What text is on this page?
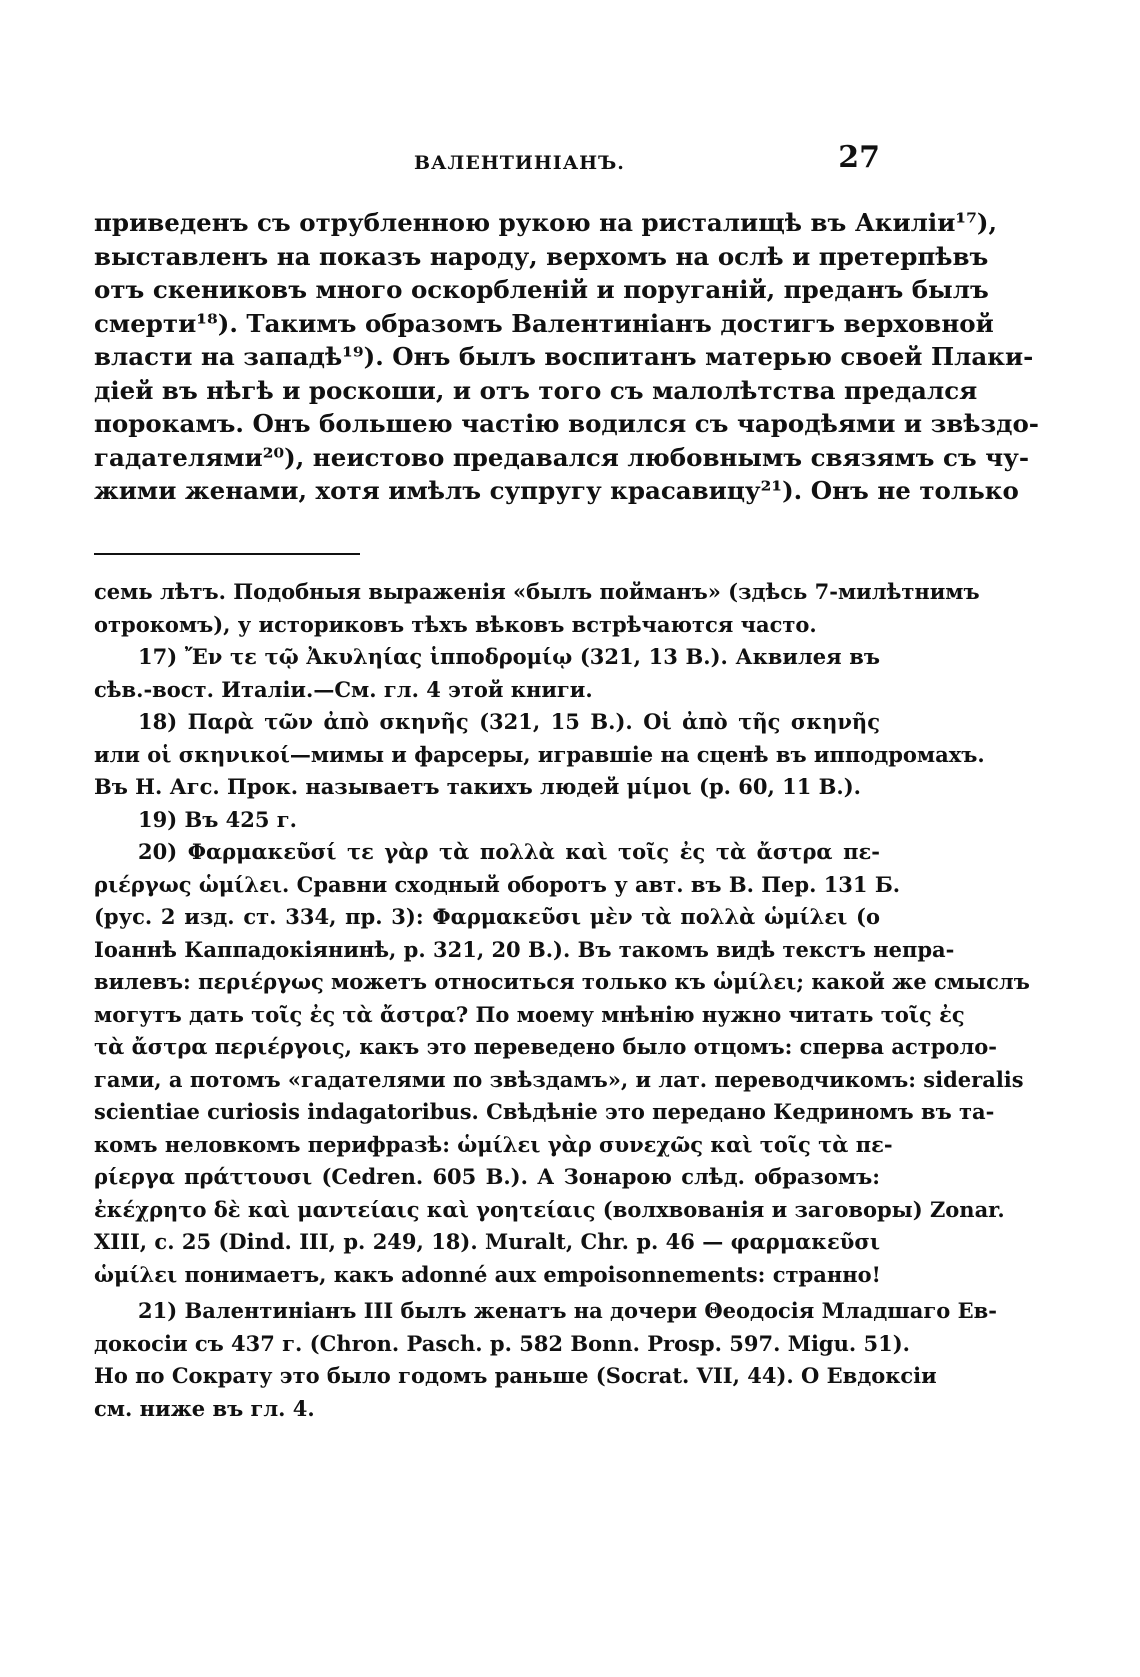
ВАЛЕНТИНІАНЪ.	27
приведенъ съ отрубленною рукою на ристалищѣ въ Акиліи¹⁷),
выставленъ на показъ народу, верхомъ на ослѣ и претерпѣвъ
отъ скениковъ много оскорбленій и поруганій, преданъ былъ
смерти¹⁸). Такимъ образомъ Валентиніанъ достигъ верховной
власти на западѣ¹⁹). Онъ былъ воспитанъ матерью своей Плаки-
діей въ нѣгѣ и роскоши, и отъ того съ малолѣтства предался
порокамъ. Онъ большею частію водился съ чародѣями и звѣздо-
гадателями²⁰), неистово предавался любовнымъ связямъ съ чу-
жими женами, хотя имѣлъ супругу красавицу²¹). Онъ не только
семь лѣтъ. Подобныя выраженія «былъ пойманъ» (здѣсь 7-милѣтнимъ
отрокомъ), у историковъ тѣхъ вѣковъ встрѣчаются часто.
17) Ἔν τε τῷ Ἀκυληίας ἱπποδρομίῳ (321, 13 B.). Аквилея въ
сѣв.-вост. Италіи.—См. гл. 4 этой книги.
18) Παρὰ τῶν ἀπὸ σκηνῆς (321, 15 B.). Οἱ ἀπὸ τῆς σκηνῆς
или οἱ σκηνικοί—мимы и фарсеры, игравшіе на сценѣ въ ипподромахъ.
Въ Н. Агс. Прок. называетъ такихъ людей μίμοι (р. 60, 11 B.).
19) Въ 425 г.
20) Φαρμακεῦσί τε γὰρ τὰ πολλὰ καὶ τοῖς ἐς τὰ ἄστρα πε-
ριέργως ὡμίλει. Сравни сходный оборотъ у авт. въ В. Пер. 131 Б.
(рус. 2 изд. ст. 334, пр. 3): Φαρμακεῦσι μὲν τὰ πολλὰ ὡμίλει (о
Іоаннѣ Каппадокіянинѣ, р. 321, 20 В.). Въ такомъ видѣ текстъ непра-
вилевъ: περιέργως можетъ относиться только къ ὡμίλει; какой же смыслъ
могутъ дать τοῖς ἐς τὰ ἄστρα? По моему мнѣнію нужно читать τοῖς ἐς
τὰ ἄστρα περιέργοις, какъ это переведено было отцомъ: сперва астроло-
гами, а потомъ «гадателями по звѣздамъ», и лат. переводчикомъ: sideralis
scientiae curiosis indagatoribus. Свѣдѣніе это передано Кедриномъ въ та-
комъ неловкомъ перифразѣ: ὡμίλει γὰρ συνεχῶς καὶ τοῖς τὰ πε-
ρίεργα πράττουσι (Cedren. 605 В.). А Зонарою слѣд. образомъ:
ἐκέχρητο δὲ καὶ μαντείαις καὶ γοητείαις (волхвованія и заговоры) Zonar.
XIII, c. 25 (Dind. III, p. 249, 18). Muralt, Chr. p. 46 — φαρμακεῦσι
ὡμίλει понимаетъ, какъ adonné aux empoisonnements: странно!
21) Валентиніанъ III былъ женатъ на дочери Θеодосія Младшаго Ев-
докосіи съ 437 г. (Chron. Pasch. p. 582 Bonn. Prosp. 597. Migu. 51).
Но по Сократу это было годомъ раньше (Socrat. VII, 44). О Евдоксіи
см. ниже въ гл. 4.
